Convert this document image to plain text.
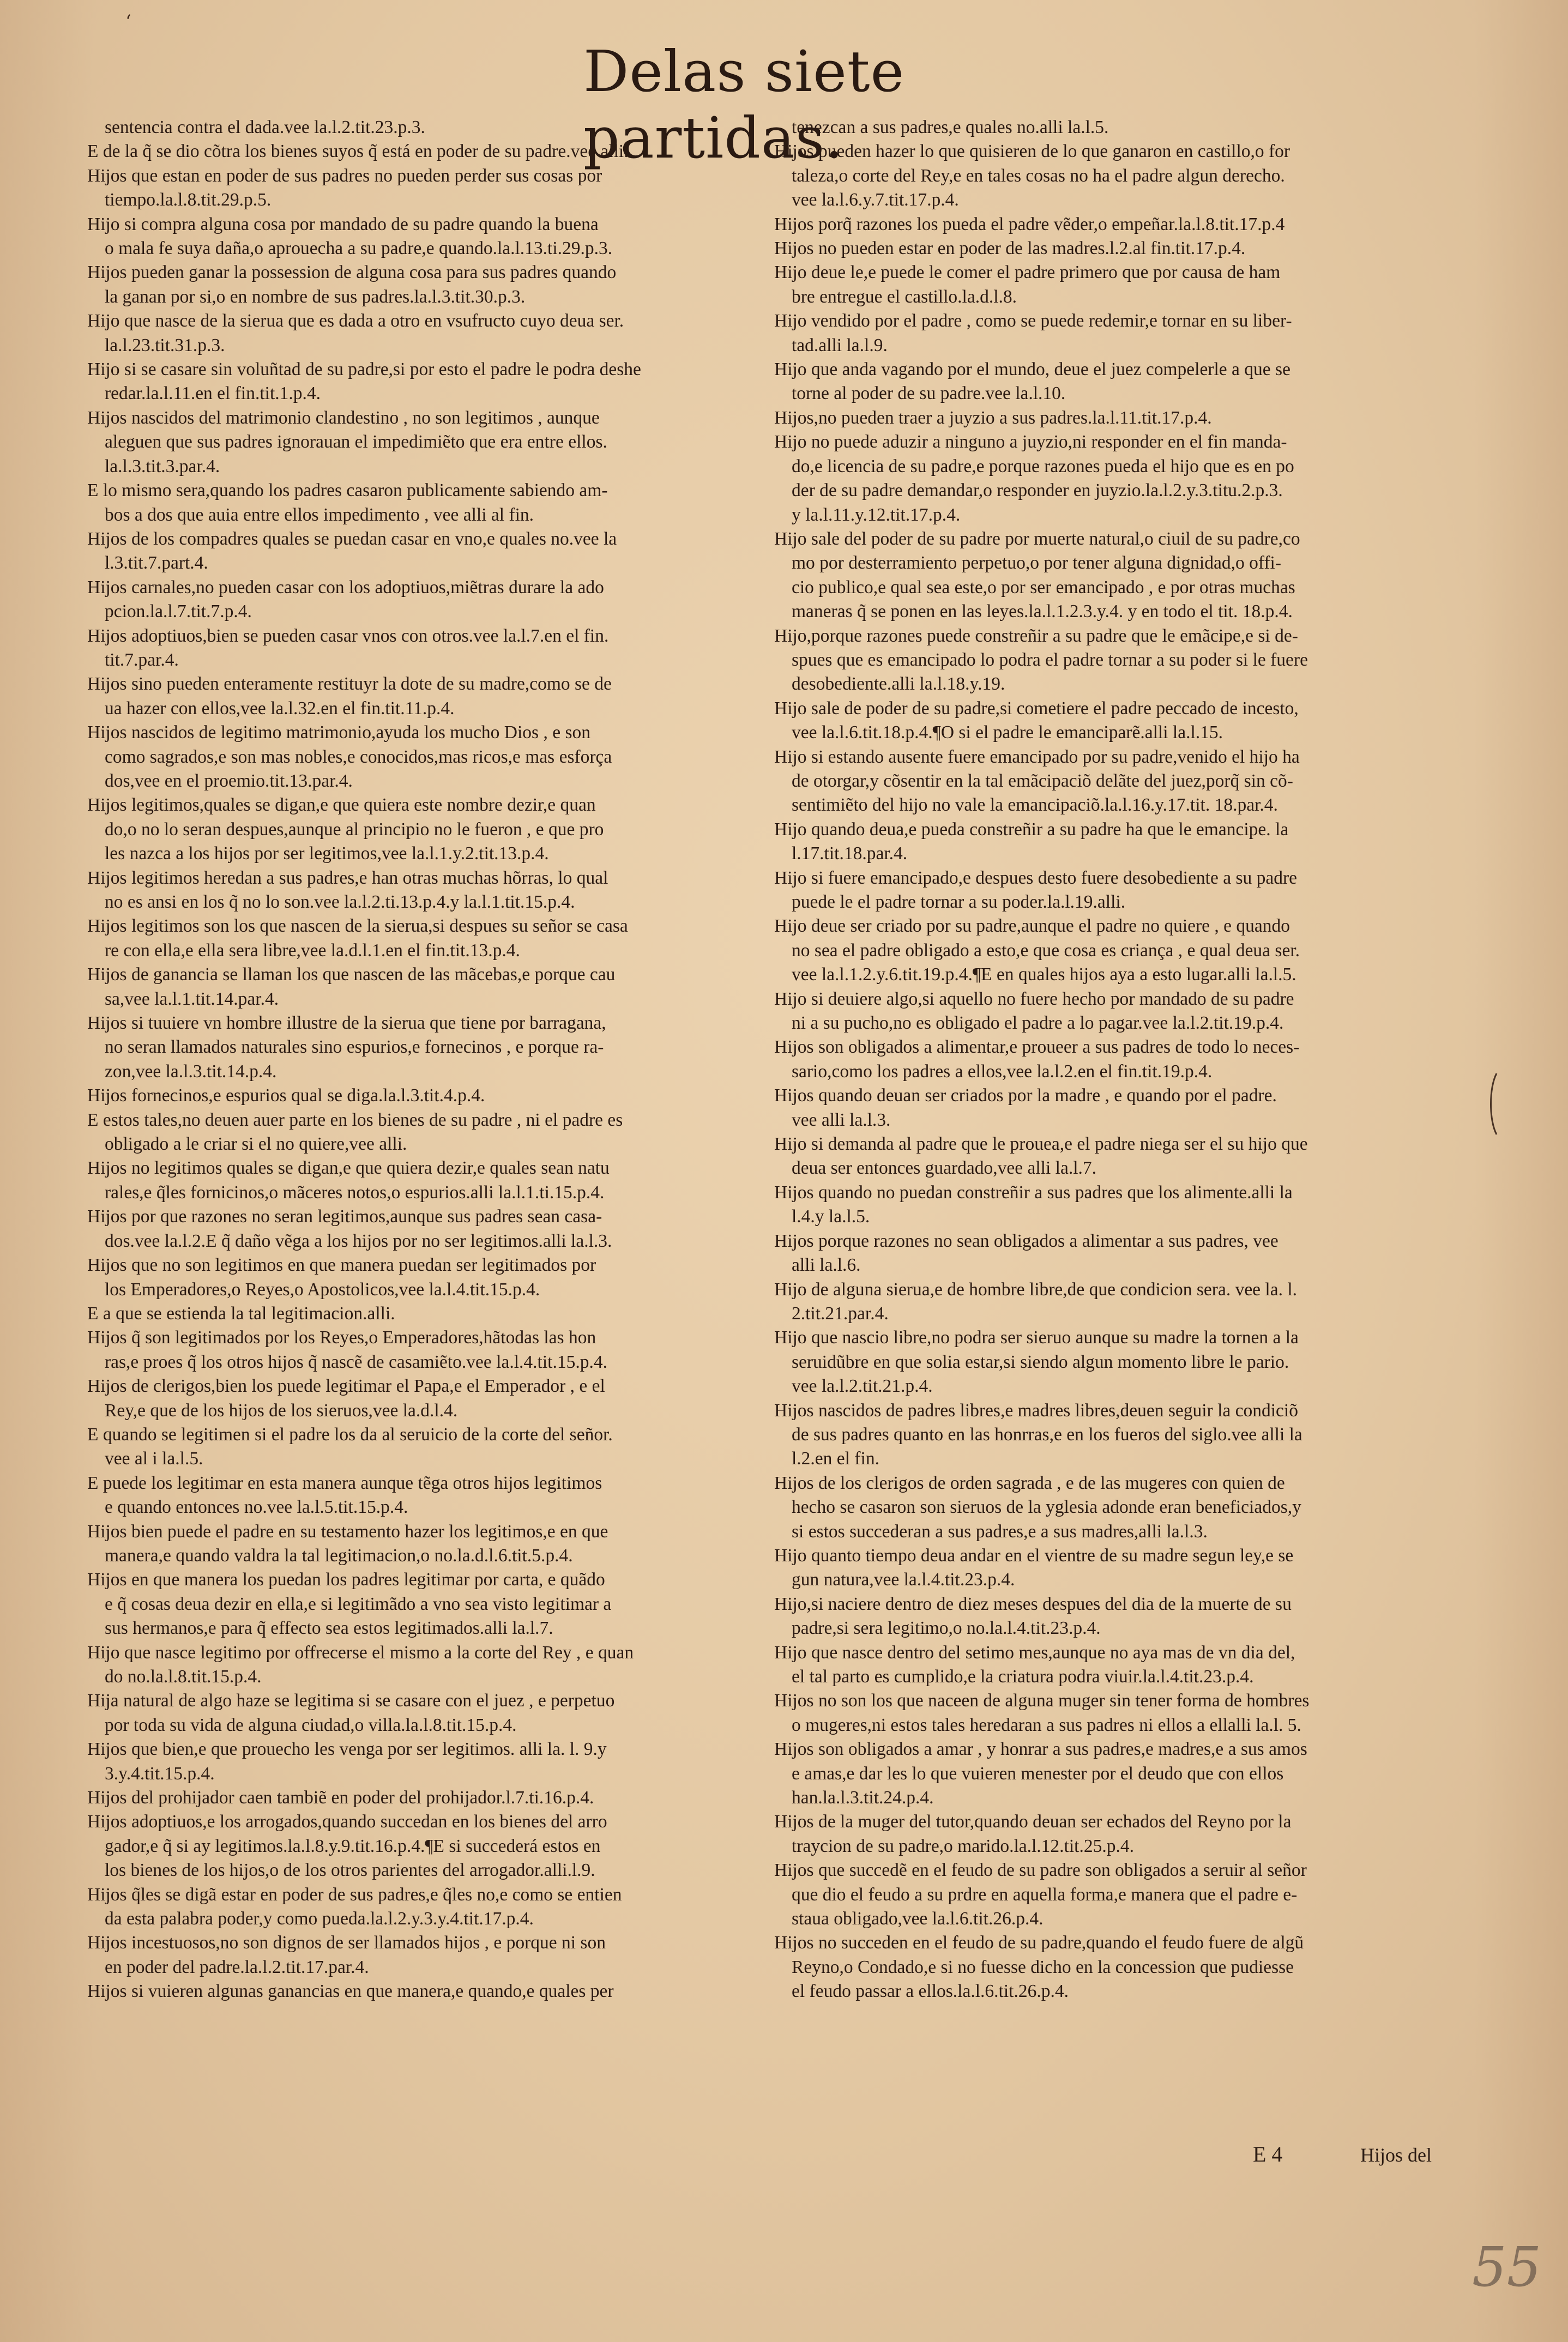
‘
Delas siete partidas.

sentencia contra el dada.vee la.l.2.tit.23.p.3.

E de la q̃ se dio cõtra los bienes suyos q̃ está en poder de su padre.vee alli.

Hijos que estan en poder de sus padres no pueden perder sus cosas por
tiempo.la.l.8.tit.29.p.5.

Hijo si compra alguna cosa por mandado de su padre quando la buena
o mala fe suya daña,o aprouecha a su padre,e quando.la.l.13.ti.29.p.3.

Hijos pueden ganar la possession de alguna cosa para sus padres quando
la ganan por si,o en nombre de sus padres.la.l.3.tit.30.p.3.

Hijo que nasce de la sierua que es dada a otro en vsufructo cuyo deua ser.
la.l.23.tit.31.p.3.

Hijo si se casare sin voluñtad de su padre,si por esto el padre le podra deshe
redar.la.l.11.en el fin.tit.1.p.4.

Hijos nascidos del matrimonio clandestino , no son legitimos , aunque
aleguen que sus padres ignorauan el impedimiẽto que era entre ellos.
la.l.3.tit.3.par.4.

E lo mismo sera,quando los padres casaron publicamente sabiendo am-
bos a dos que auia entre ellos impedimento , vee alli al fin.

Hijos de los compadres quales se puedan casar en vno,e quales no.vee la
l.3.tit.7.part.4.

Hijos carnales,no pueden casar con los adoptiuos,miẽtras durare la ado
pcion.la.l.7.tit.7.p.4.

Hijos adoptiuos,bien se pueden casar vnos con otros.vee la.l.7.en el fin.
tit.7.par.4.

Hijos sino pueden enteramente restituyr la dote de su madre,como se de
ua hazer con ellos,vee la.l.32.en el fin.tit.11.p.4.

Hijos nascidos de legitimo matrimonio,ayuda los mucho Dios , e son
como sagrados,e son mas nobles,e conocidos,mas ricos,e mas esforça
dos,vee en el proemio.tit.13.par.4.

Hijos legitimos,quales se digan,e que quiera este nombre dezir,e quan
do,o no lo seran despues,aunque al principio no le fueron , e que pro
les nazca a los hijos por ser legitimos,vee la.l.1.y.2.tit.13.p.4.

Hijos legitimos heredan a sus padres,e han otras muchas hõrras, lo qual
no es ansi en los q̃ no lo son.vee la.l.2.ti.13.p.4.y la.l.1.tit.15.p.4.

Hijos legitimos son los que nascen de la sierua,si despues su señor se casa
re con ella,e ella sera libre,vee la.d.l.1.en el fin.tit.13.p.4.

Hijos de ganancia se llaman los que nascen de las mãcebas,e porque cau
sa,vee la.l.1.tit.14.par.4.

Hijos si tuuiere vn hombre illustre de la sierua que tiene por barragana,
no seran llamados naturales sino espurios,e fornecinos , e porque ra-
zon,vee la.l.3.tit.14.p.4.

Hijos fornecinos,e espurios qual se diga.la.l.3.tit.4.p.4.

E estos tales,no deuen auer parte en los bienes de su padre , ni el padre es
obligado a le criar si el no quiere,vee alli.

Hijos no legitimos quales se digan,e que quiera dezir,e quales sean natu
rales,e q̃les fornicinos,o mãceres notos,o espurios.alli la.l.1.ti.15.p.4.

Hijos por que razones no seran legitimos,aunque sus padres sean casa-
dos.vee la.l.2.E q̃ daño vẽga a los hijos por no ser legitimos.alli la.l.3.

Hijos que no son legitimos en que manera puedan ser legitimados por
los Emperadores,o Reyes,o Apostolicos,vee la.l.4.tit.15.p.4.

E a que se estienda la tal legitimacion.alli.

Hijos q̃ son legitimados por los Reyes,o Emperadores,hãtodas las hon
ras,e proes q̃ los otros hijos q̃ nascẽ de casamiẽto.vee la.l.4.tit.15.p.4.

Hijos de clerigos,bien los puede legitimar el Papa,e el Emperador , e el
Rey,e que de los hijos de los sieruos,vee la.d.l.4.

E quando se legitimen si el padre los da al seruicio de la corte del señor.
vee al i la.l.5.

E puede los legitimar en esta manera aunque tẽga otros hijos legitimos
e quando entonces no.vee la.l.5.tit.15.p.4.

Hijos bien puede el padre en su testamento hazer los legitimos,e en que
manera,e quando valdra la tal legitimacion,o no.la.d.l.6.tit.5.p.4.

Hijos en que manera los puedan los padres legitimar por carta, e quãdo
e q̃ cosas deua dezir en ella,e si legitimãdo a vno sea visto legitimar a
sus hermanos,e para q̃ effecto sea estos legitimados.alli la.l.7.

Hijo que nasce legitimo por offrecerse el mismo a la corte del Rey , e quan
do no.la.l.8.tit.15.p.4.

Hija natural de algo haze se legitima si se casare con el juez , e perpetuo
por toda su vida de alguna ciudad,o villa.la.l.8.tit.15.p.4.

Hijos que bien,e que prouecho les venga por ser legitimos. alli la. l. 9.y
3.y.4.tit.15.p.4.

Hijos del prohijador caen tambiẽ en poder del prohijador.l.7.ti.16.p.4.

Hijos adoptiuos,e los arrogados,quando succedan en los bienes del arro
gador,e q̃ si ay legitimos.la.l.8.y.9.tit.16.p.4.¶E si succederá estos en
los bienes de los hijos,o de los otros parientes del arrogador.alli.l.9.

Hijos q̃les se digã estar en poder de sus padres,e q̃les no,e como se entien
da esta palabra poder,y como pueda.la.l.2.y.3.y.4.tit.17.p.4.

Hijos incestuosos,no son dignos de ser llamados hijos , e porque ni son
en poder del padre.la.l.2.tit.17.par.4.

Hijos si vuieren algunas ganancias en que manera,e quando,e quales per

tenezcan a sus padres,e quales no.alli la.l.5.

Hijos pueden hazer lo que quisieren de lo que ganaron en castillo,o for
taleza,o corte del Rey,e en tales cosas no ha el padre algun derecho.
vee la.l.6.y.7.tit.17.p.4.

Hijos porq̃ razones los pueda el padre vẽder,o empeñar.la.l.8.tit.17.p.4

Hijos no pueden estar en poder de las madres.l.2.al fin.tit.17.p.4.

Hijo deue le,e puede le comer el padre primero que por causa de ham
bre entregue el castillo.la.d.l.8.

Hijo vendido por el padre , como se puede redemir,e tornar en su liber-
tad.alli la.l.9.

Hijo que anda vagando por el mundo, deue el juez compelerle a que se
torne al poder de su padre.vee la.l.10.

Hijos,no pueden traer a juyzio a sus padres.la.l.11.tit.17.p.4.

Hijo no puede aduzir a ninguno a juyzio,ni responder en el fin manda-
do,e licencia de su padre,e porque razones pueda el hijo que es en po
der de su padre demandar,o responder en juyzio.la.l.2.y.3.titu.2.p.3.
y la.l.11.y.12.tit.17.p.4.

Hijo sale del poder de su padre por muerte natural,o ciuil de su padre,co
mo por desterramiento perpetuo,o por tener alguna dignidad,o offi-
cio publico,e qual sea este,o por ser emancipado , e por otras muchas
maneras q̃ se ponen en las leyes.la.l.1.2.3.y.4. y en todo el tit. 18.p.4.

Hijo,porque razones puede constreñir a su padre que le emãcipe,e si de-
spues que es emancipado lo podra el padre tornar a su poder si le fuere
desobediente.alli la.l.18.y.19.

Hijo sale de poder de su padre,si cometiere el padre peccado de incesto,
vee la.l.6.tit.18.p.4.¶O si el padre le emanciparẽ.alli la.l.15.

Hijo si estando ausente fuere emancipado por su padre,venido el hijo ha
de otorgar,y cõsentir en la tal emãcipaciõ delãte del juez,porq̃ sin cõ-
sentimiẽto del hijo no vale la emancipaciõ.la.l.16.y.17.tit. 18.par.4.

Hijo quando deua,e pueda constreñir a su padre ha que le emancipe. la
l.17.tit.18.par.4.

Hijo si fuere emancipado,e despues desto fuere desobediente a su padre
puede le el padre tornar a su poder.la.l.19.alli.

Hijo deue ser criado por su padre,aunque el padre no quiere , e quando
no sea el padre obligado a esto,e que cosa es criança , e qual deua ser.
vee la.l.1.2.y.6.tit.19.p.4.¶E en quales hijos aya a esto lugar.alli la.l.5.

Hijo si deuiere algo,si aquello no fuere hecho por mandado de su padre
ni a su pucho,no es obligado el padre a lo pagar.vee la.l.2.tit.19.p.4.

Hijos son obligados a alimentar,e proueer a sus padres de todo lo neces-
sario,como los padres a ellos,vee la.l.2.en el fin.tit.19.p.4.

Hijos quando deuan ser criados por la madre , e quando por el padre.
vee alli la.l.3.

Hijo si demanda al padre que le prouea,e el padre niega ser el su hijo que
deua ser entonces guardado,vee alli la.l.7.

Hijos quando no puedan constreñir a sus padres que los alimente.alli la
l.4.y la.l.5.

Hijos porque razones no sean obligados a alimentar a sus padres, vee
alli la.l.6.

Hijo de alguna sierua,e de hombre libre,de que condicion sera. vee la. l.
2.tit.21.par.4.

Hijo que nascio libre,no podra ser sieruo aunque su madre la tornen a la
seruidũbre en que solia estar,si siendo algun momento libre le pario.
vee la.l.2.tit.21.p.4.

Hijos nascidos de padres libres,e madres libres,deuen seguir la condiciõ
de sus padres quanto en las honrras,e en los fueros del siglo.vee alli la
l.2.en el fin.

Hijos de los clerigos de orden sagrada , e de las mugeres con quien de
hecho se casaron son sieruos de la yglesia adonde eran beneficiados,y
si estos succederan a sus padres,e a sus madres,alli la.l.3.

Hijo quanto tiempo deua andar en el vientre de su madre segun ley,e se
gun natura,vee la.l.4.tit.23.p.4.

Hijo,si naciere dentro de diez meses despues del dia de la muerte de su
padre,si sera legitimo,o no.la.l.4.tit.23.p.4.

Hijo que nasce dentro del setimo mes,aunque no aya mas de vn dia del,
el tal parto es cumplido,e la criatura podra viuir.la.l.4.tit.23.p.4.

Hijos no son los que naceen de alguna muger sin tener forma de hombres
o mugeres,ni estos tales heredaran a sus padres ni ellos a ellalli la.l. 5.

Hijos son obligados a amar , y honrar a sus padres,e madres,e a sus amos
e amas,e dar les lo que vuieren menester por el deudo que con ellos
han.la.l.3.tit.24.p.4.

Hijos de la muger del tutor,quando deuan ser echados del Reyno por la
traycion de su padre,o marido.la.l.12.tit.25.p.4.

Hijos que succedẽ en el feudo de su padre son obligados a seruir al señor
que dio el feudo a su prdre en aquella forma,e manera que el padre e-
staua obligado,vee la.l.6.tit.26.p.4.

Hijos no succeden en el feudo de su padre,quando el feudo fuere de algũ
Reyno,o Condado,e si no fuesse dicho en la concession que pudiesse
el feudo passar a ellos.la.l.6.tit.26.p.4.

E 4	Hijos del
55
